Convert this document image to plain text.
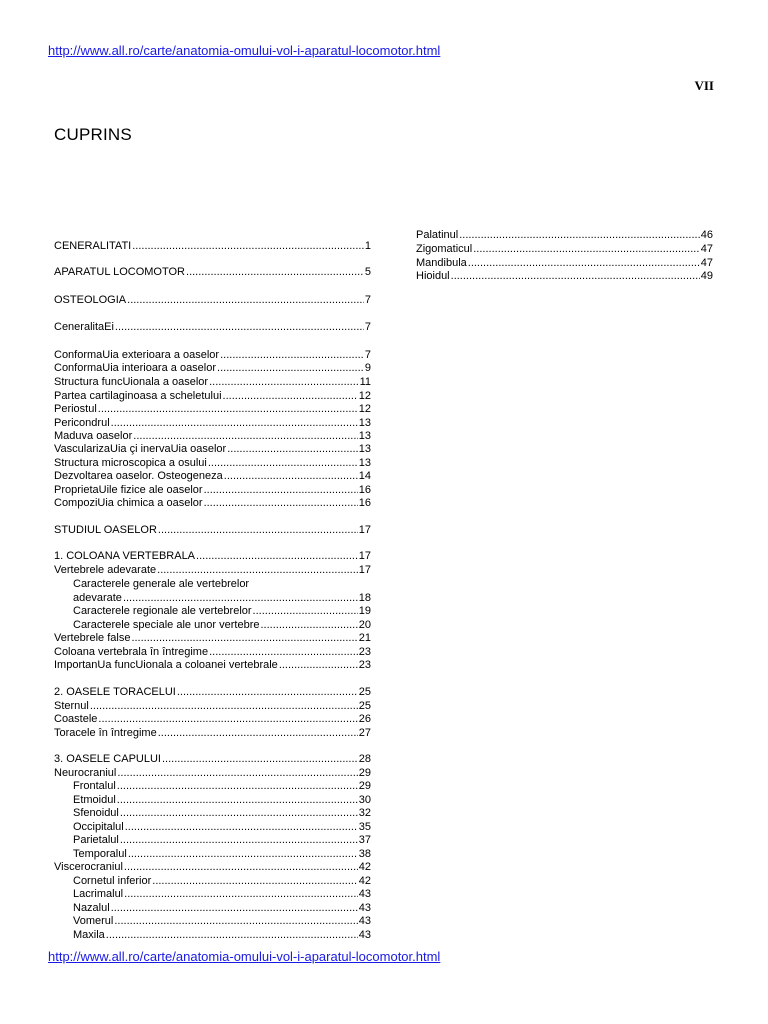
http://www.all.ro/carte/anatomia-omului-vol-i-aparatul-locomotor.html
VII
CUPRINS
CENERALITATI .....	1
APARATUL LOCOMOTOR .....	5
OSTEOLOGIA .....	7
CeneralitaEi .....	7
ConformaUia exterioara a oaselor .....	7
ConformaUia interioara a oaselor .....	9
Structura funcUionala a oaselor .....	11
Partea cartilaginoasa a scheletului .....	12
Periostul .....	12
Pericondrul .....	13
Maduva oaselor .....	13
VascularizaUia çi inervaUia oaselor .....	13
Structura microscopica a osului .....	13
Dezvoltarea oaselor. Osteogeneza .....	14
ProprietaUile fizice ale oaselor .....	16
CompoziUia chimica a oaselor .....	16
STUDIUL OASELOR .....	17
1. COLOANA VERTEBRALA .....	17
Vertebrele adevarate .....	17
Caracterele generale ale vertebrelor
adevarate .....	18
Caracterele regionale ale vertebrelor .....	19
Caracterele speciale ale unor vertebre .....	20
Vertebrele false .....	21
Coloana vertebrala în întregime .....	23
ImportanUa funcUionala a coloanei vertebrale .....	23
2. OASELE TORACELUI .....	25
Sternul .....	25
Coastele .....	26
Toracele în întregime .....	27
3. OASELE CAPULUI .....	28
Neurocraniul .....	29
Frontalul .....	29
Etmoidul .....	30
Sfenoidul .....	32
Occipitalul .....	35
Parietalul .....	37
Temporalul .....	38
Viscerocraniul .....	42
Cornetul inferior .....	42
Lacrimalul .....	43
Nazalul .....	43
Vomerul .....	43
Maxila .....	43
Palatinul .....	46
Zigomaticul .....	47
Mandibula .....	47
Hioidul .....	49
http://www.all.ro/carte/anatomia-omului-vol-i-aparatul-locomotor.html
